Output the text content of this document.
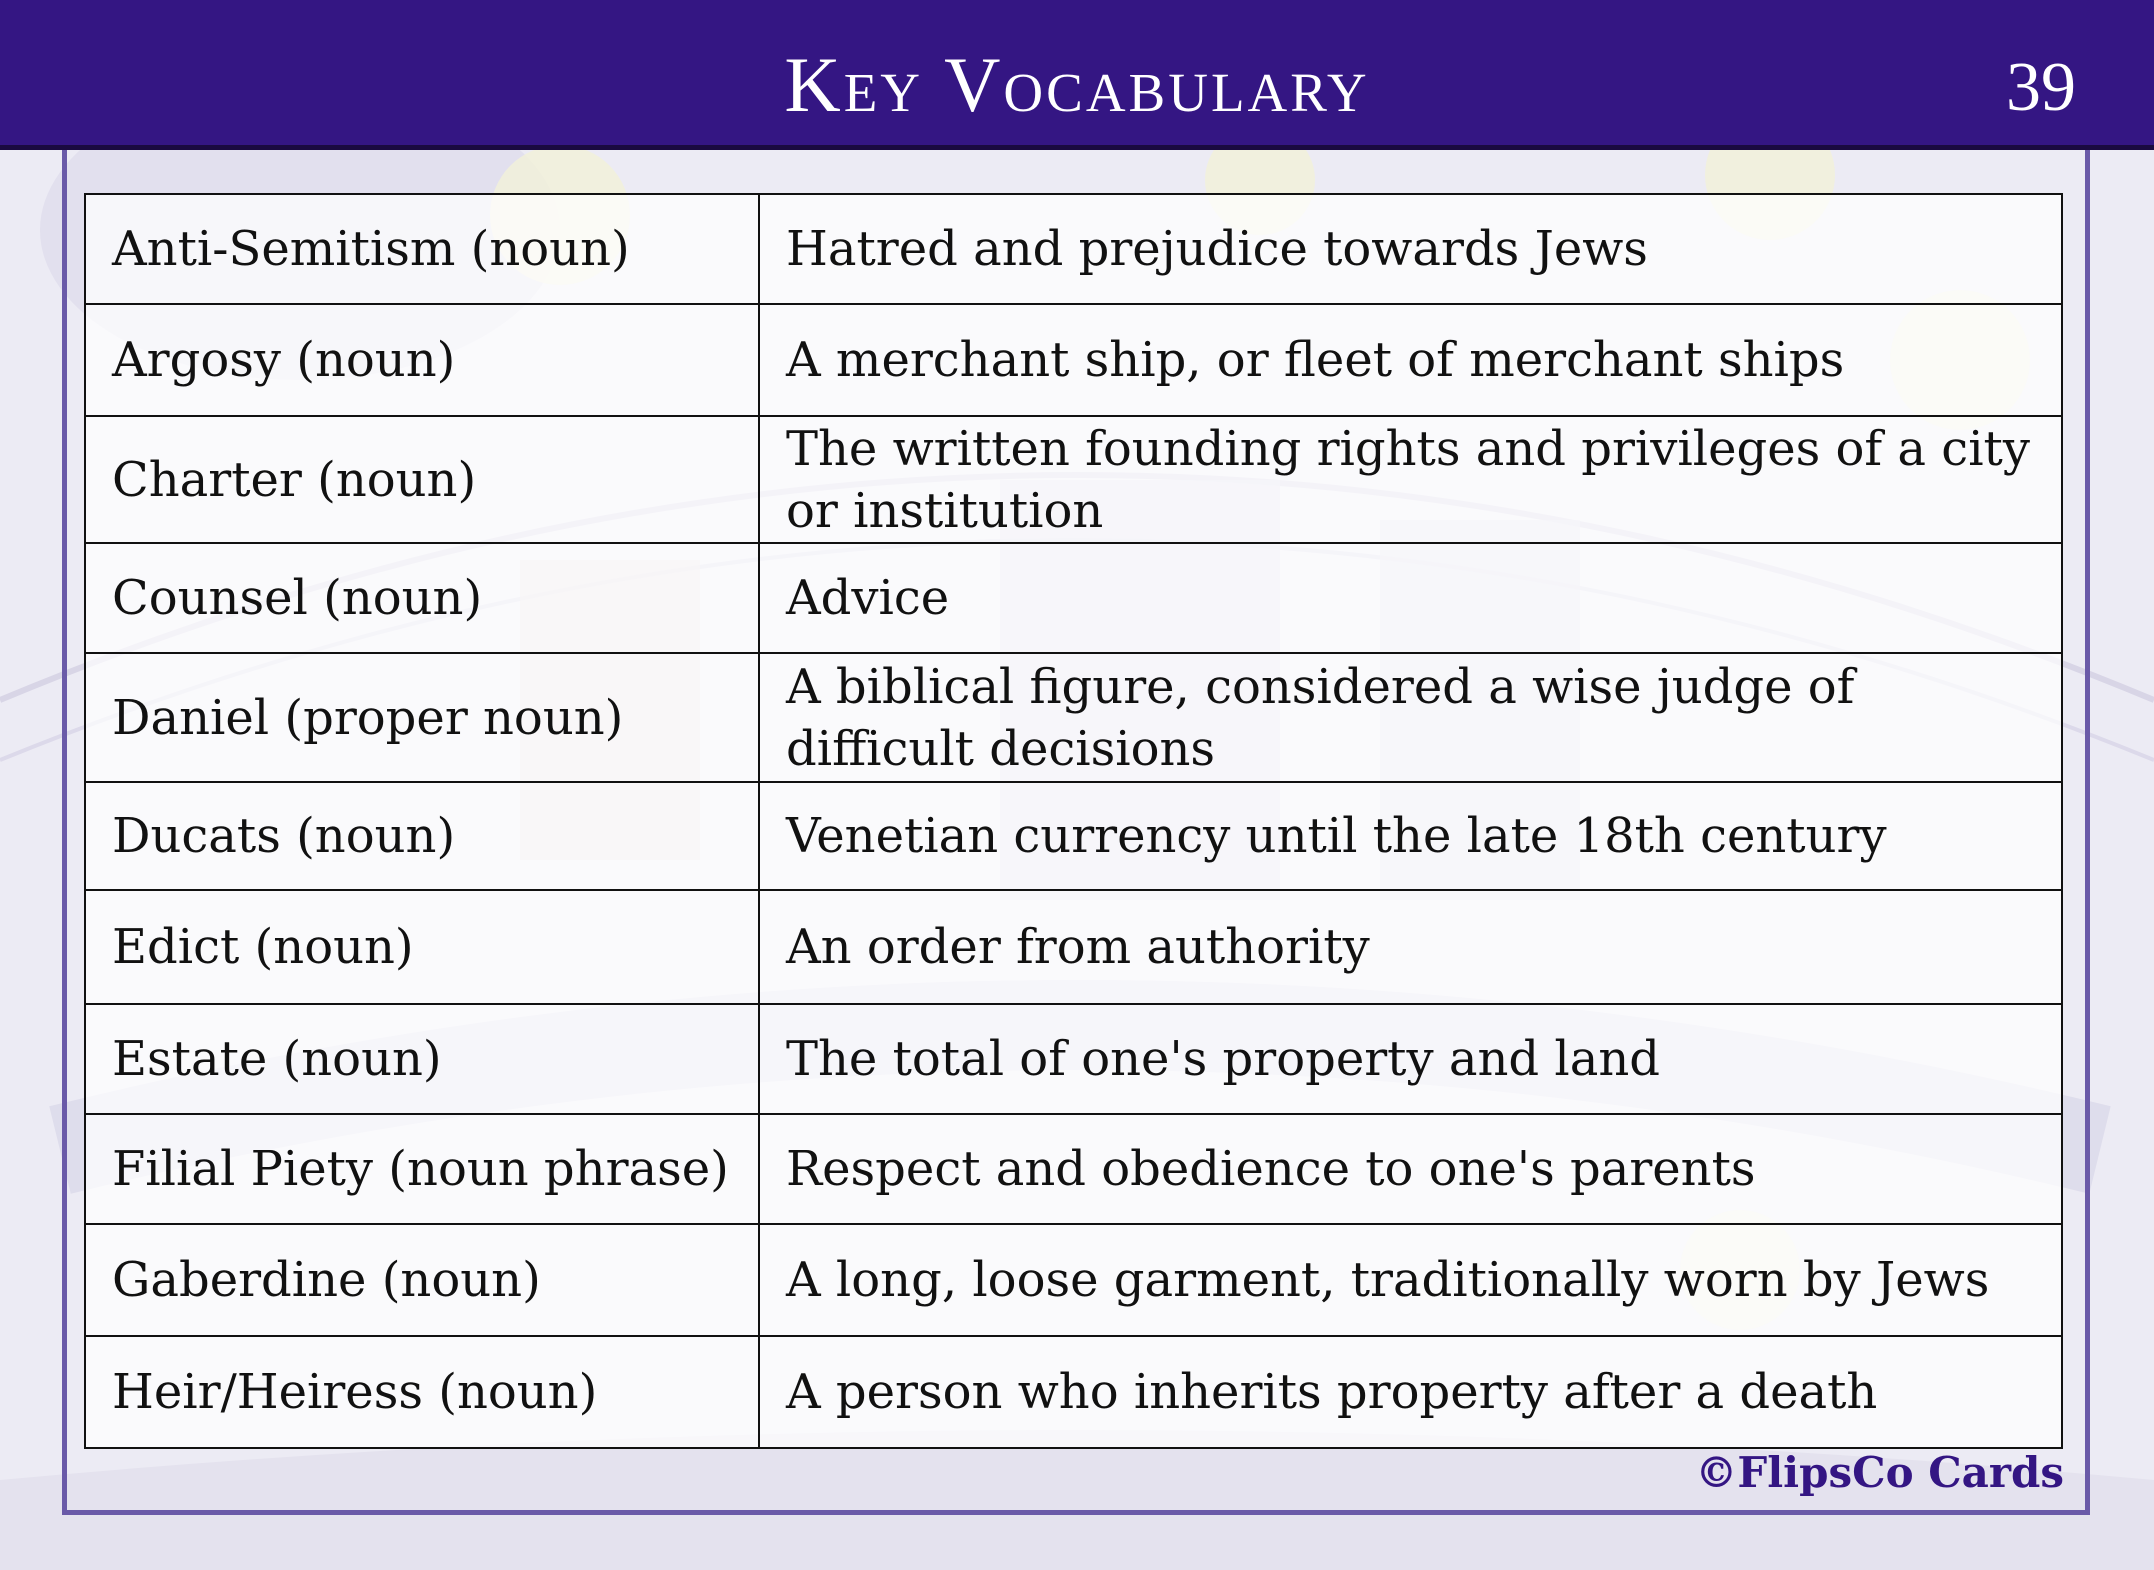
Key Vocabulary	39
Anti-Semitism (noun)	Hatred and prejudice towards Jews
Argosy (noun)	A merchant ship, or fleet of merchant ships
Charter (noun)	The written founding rights and privileges of a city or institution
Counsel (noun)	Advice
Daniel (proper noun)	A biblical figure, considered a wise judge of difficult decisions
Ducats (noun)	Venetian currency until the late 18th century
Edict (noun)	An order from authority
Estate (noun)	The total of one's property and land
Filial Piety (noun phrase)	Respect and obedience to one's parents
Gaberdine (noun)	A long, loose garment, traditionally worn by Jews
Heir/Heiress (noun)	A person who inherits property after a death
©FlipsCo Cards
